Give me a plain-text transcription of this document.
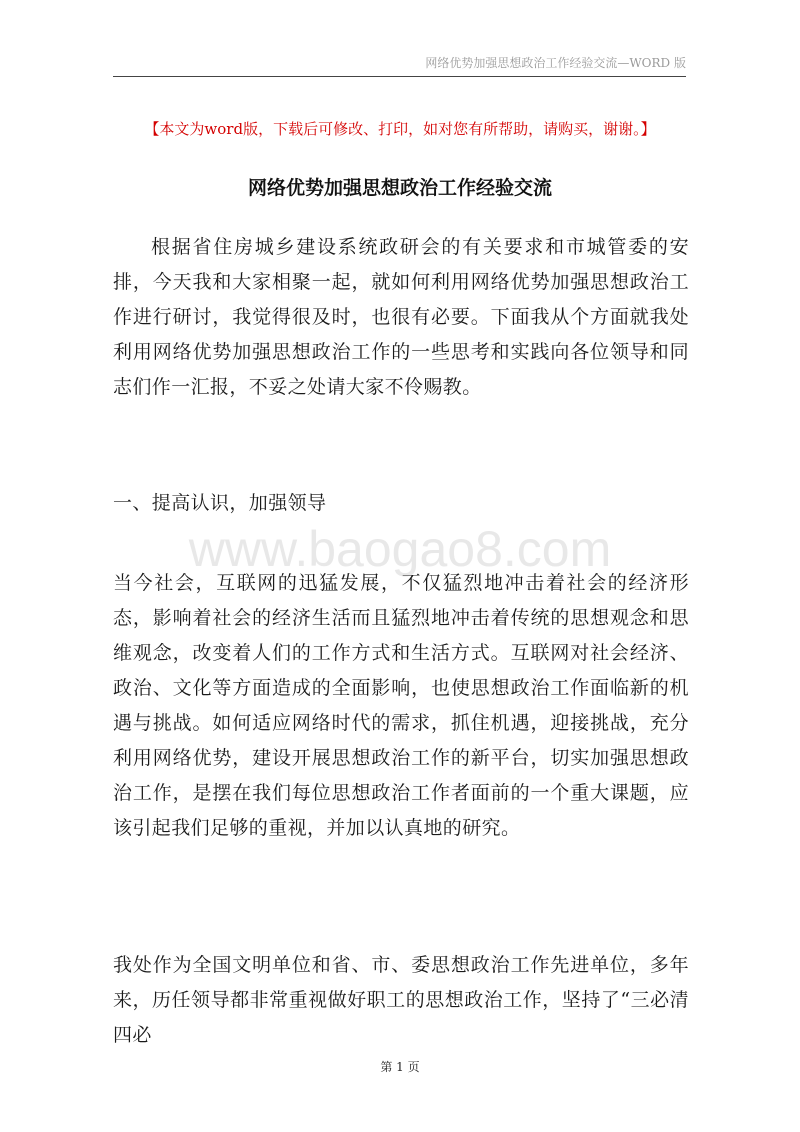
网络优势加强思想政治工作经验交流—WORD 版
【本文为word版，下载后可修改、打印，如对您有所帮助，请购买，谢谢。】
网络优势加强思想政治工作经验交流

根据省住房城乡建设系统政研会的有关要求和市城管委的安排，今天我和大家相聚一起，就如何利用网络优势加强思想政治工作进行研讨，我觉得很及时，也很有必要。下面我从个方面就我处利用网络优势加强思想政治工作的一些思考和实践向各位领导和同志们作一汇报，不妥之处请大家不伶赐教。

一、提高认识，加强领导

www.baogao8.com

当今社会，互联网的迅猛发展，不仅猛烈地冲击着社会的经济形态，影响着社会的经济生活而且猛烈地冲击着传统的思想观念和思维观念，改变着人们的工作方式和生活方式。互联网对社会经济、政治、文化等方面造成的全面影响，也使思想政治工作面临新的机遇与挑战。如何适应网络时代的需求，抓住机遇，迎接挑战，充分利用网络优势，建设开展思想政治工作的新平台，切实加强思想政治工作，是摆在我们每位思想政治工作者面前的一个重大课题，应该引起我们足够的重视，并加以认真地的研究。

我处作为全国文明单位和省、市、委思想政治工作先进单位，多年来，历任领导都非常重视做好职工的思想政治工作，坚持了“三必清四必

第 1 页
